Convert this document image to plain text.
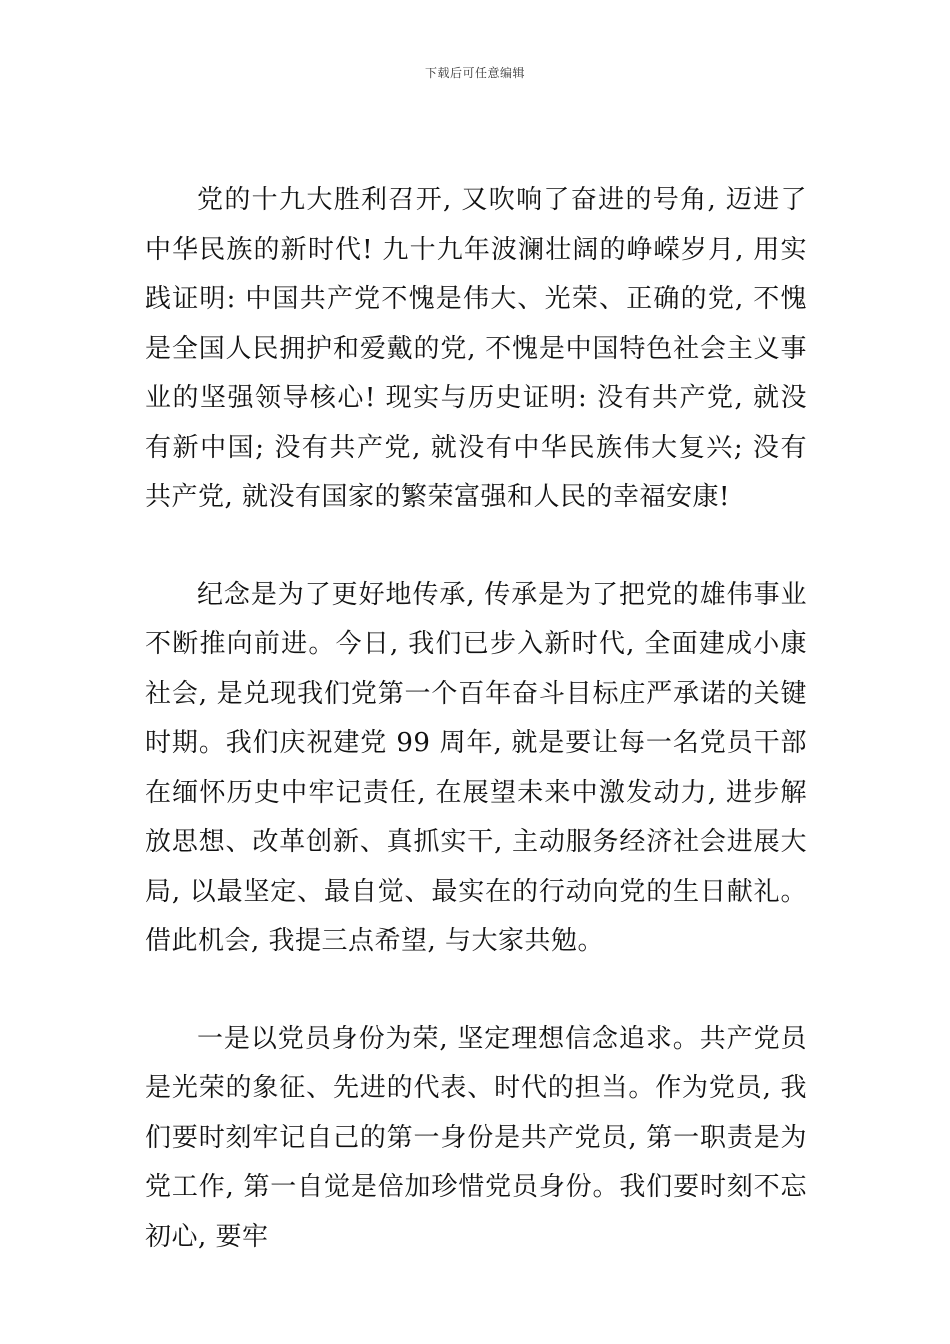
下载后可任意编辑

党的十九大胜利召开, 又吹响了奋进的号角, 迈进了中华民族的新时代! 九十九年波澜壮阔的峥嵘岁月, 用实践证明: 中国共产党不愧是伟大、光荣、正确的党, 不愧是全国人民拥护和爱戴的党, 不愧是中国特色社会主义事业的坚强领导核心! 现实与历史证明: 没有共产党, 就没有新中国; 没有共产党, 就没有中华民族伟大复兴; 没有共产党, 就没有国家的繁荣富强和人民的幸福安康!

纪念是为了更好地传承, 传承是为了把党的雄伟事业不断推向前进。今日, 我们已步入新时代, 全面建成小康社会, 是兑现我们党第一个百年奋斗目标庄严承诺的关键时期。我们庆祝建党 99 周年, 就是要让每一名党员干部在缅怀历史中牢记责任, 在展望未来中激发动力, 进步解放思想、改革创新、真抓实干, 主动服务经济社会进展大局, 以最坚定、最自觉、最实在的行动向党的生日献礼。借此机会, 我提三点希望, 与大家共勉。

一是以党员身份为荣, 坚定理想信念追求。共产党员是光荣的象征、先进的代表、时代的担当。作为党员, 我们要时刻牢记自己的第一身份是共产党员, 第一职责是为党工作, 第一自觉是倍加珍惜党员身份。我们要时刻不忘初心, 要牢
